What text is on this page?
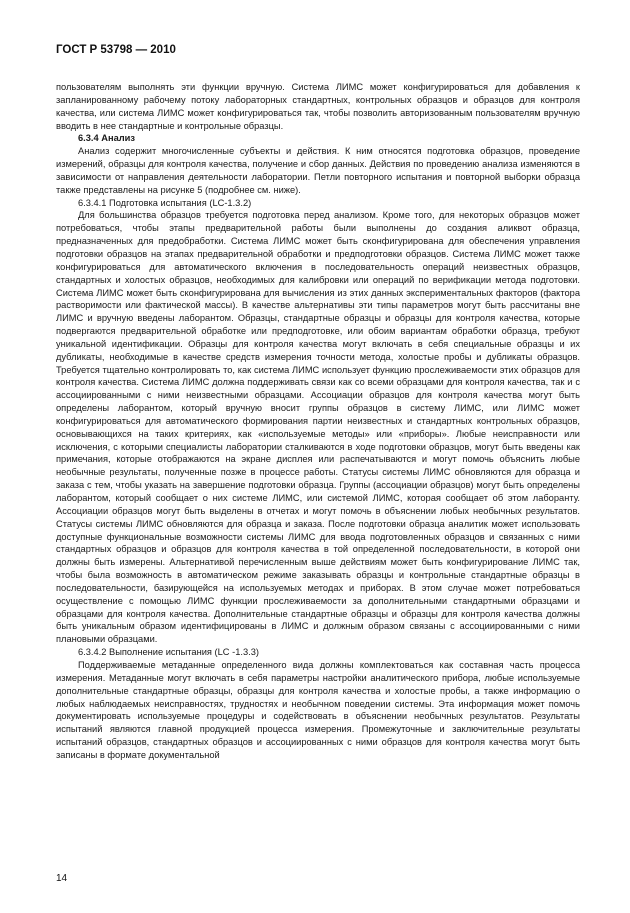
ГОСТ Р 53798 — 2010

пользователям выполнять эти функции вручную. Система ЛИМС может конфигурироваться для добавления к запланированному рабочему потоку лабораторных стандартных, контрольных образцов и образцов для контроля качества, или система ЛИМС может конфигурироваться так, чтобы позволить авторизованным пользователям вручную вводить в нее стандартные и контрольные образцы.

6.3.4 Анализ

Анализ содержит многочисленные субъекты и действия. К ним относятся подготовка образцов, проведение измерений, образцы для контроля качества, получение и сбор данных. Действия по проведению анализа изменяются в зависимости от направления деятельности лаборатории. Петли повторного испытания и повторной выборки образца также представлены на рисунке 5 (подробнее см. ниже).

6.3.4.1 Подготовка испытания (LC-1.3.2)

Для большинства образцов требуется подготовка перед анализом. Кроме того, для некоторых образцов может потребоваться, чтобы этапы предварительной работы были выполнены до создания аликвот образца, предназначенных для предобработки. Система ЛИМС может быть сконфигурирована для обеспечения управления подготовки образцов на этапах предварительной обработки и предподготовки образцов. Система ЛИМС может также конфигурироваться для автоматического включения в последовательность операций неизвестных образцов, стандартных и холостых образцов, необходимых для калибровки или операций по верификации метода подготовки. Система ЛИМС может быть сконфигурирована для вычисления из этих данных экспериментальных факторов (фактора растворимости или фактической массы). В качестве альтернативы эти типы параметров могут быть рассчитаны вне ЛИМС и вручную введены лаборантом. Образцы, стандартные образцы и образцы для контроля качества, которые подвергаются предварительной обработке или предподготовке, или обоим вариантам обработки образца, требуют уникальной идентификации. Образцы для контроля качества могут включать в себя специальные образцы и их дубликаты, необходимые в качестве средств измерения точности метода, холостые пробы и дубликаты образцов. Требуется тщательно контролировать то, как система ЛИМС использует функцию прослеживаемости этих образцов для контроля качества. Система ЛИМС должна поддерживать связи как со всеми образцами для контроля качества, так и с ассоциированными с ними неизвестными образцами. Ассоциации образцов для контроля качества могут быть определены лаборантом, который вручную вносит группы образцов в систему ЛИМС, или ЛИМС может конфигурироваться для автоматического формирования партии неизвестных и стандартных контрольных образцов, основывающихся на таких критериях, как «используемые методы» или «приборы». Любые неисправности или исключения, с которыми специалисты лаборатории сталкиваются в ходе подготовки образцов, могут быть введены как примечания, которые отображаются на экране дисплея или распечатываются и могут помочь объяснить любые необычные результаты, полученные позже в процессе работы. Статусы системы ЛИМС обновляются для образца и заказа с тем, чтобы указать на завершение подготовки образца. Группы (ассоциации образцов) могут быть определены лаборантом, который сообщает о них системе ЛИМС, или системой ЛИМС, которая сообщает об этом лаборанту. Ассоциации образцов могут быть выделены в отчетах и могут помочь в объяснении любых необычных результатов. Статусы системы ЛИМС обновляются для образца и заказа. После подготовки образца аналитик может использовать доступные функциональные возможности системы ЛИМС для ввода подготовленных образцов и связанных с ними стандартных образцов и образцов для контроля качества в той определенной последовательности, в которой они должны быть измерены. Альтернативой перечисленным выше действиям может быть конфигурирование ЛИМС так, чтобы была возможность в автоматическом режиме заказывать образцы и контрольные стандартные образцы в последовательности, базирующейся на используемых методах и приборах. В этом случае может потребоваться осуществление с помощью ЛИМС функции прослеживаемости за дополнительными стандартными образцами и образцами для контроля качества. Дополнительные стандартные образцы и образцы для контроля качества должны быть уникальным образом идентифицированы в ЛИМС и должным образом связаны с ассоциированными с ними плановыми образцами.

6.3.4.2 Выполнение испытания (LC -1.3.3)

Поддерживаемые метаданные определенного вида должны комплектоваться как составная часть процесса измерения. Метаданные могут включать в себя параметры настройки аналитического прибора, любые используемые дополнительные стандартные образцы, образцы для контроля качества и холостые пробы, а также информацию о любых наблюдаемых неисправностях, трудностях и необычном поведении системы. Эта информация может помочь документировать используемые процедуры и содействовать в объяснении необычных результатов. Результаты испытаний являются главной продукцией процесса измерения. Промежуточные и заключительные результаты испытаний образцов, стандартных образцов и ассоциированных с ними образцов для контроля качества могут быть записаны в формате документальной

14
